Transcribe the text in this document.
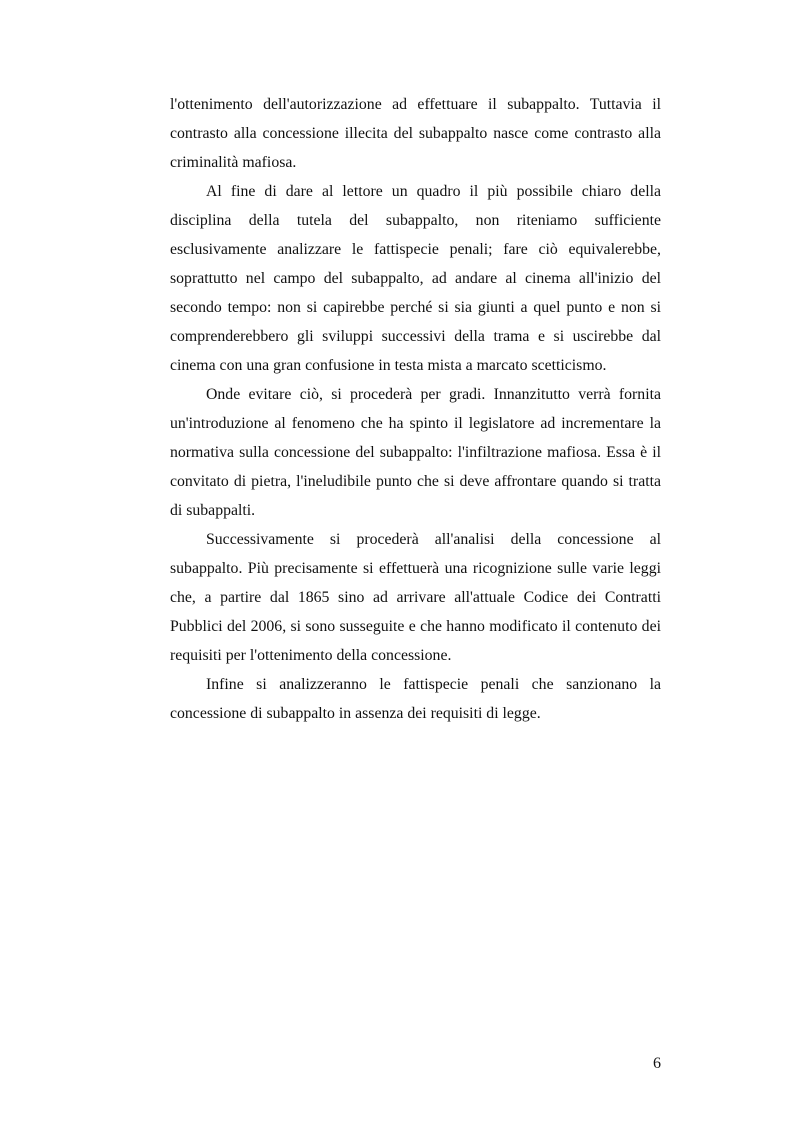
l'ottenimento dell'autorizzazione ad effettuare il subappalto. Tuttavia il contrasto alla concessione illecita del subappalto nasce come contrasto alla criminalità mafiosa.

Al fine di dare al lettore un quadro il più possibile chiaro della disciplina della tutela del subappalto, non riteniamo sufficiente esclusivamente analizzare le fattispecie penali; fare ciò equivalerebbe, soprattutto nel campo del subappalto, ad andare al cinema all'inizio del secondo tempo: non si capirebbe perché si sia giunti a quel punto e non si comprenderebbero gli sviluppi successivi della trama e si uscirebbe dal cinema con una gran confusione in testa mista a marcato scetticismo.

Onde evitare ciò, si procederà per gradi. Innanzitutto verrà fornita un'introduzione al fenomeno che ha spinto il legislatore ad incrementare la normativa sulla concessione del subappalto: l'infiltrazione mafiosa. Essa è il convitato di pietra, l'ineludibile punto che si deve affrontare quando si tratta di subappalti.

Successivamente si procederà all'analisi della concessione al subappalto. Più precisamente si effettuerà una ricognizione sulle varie leggi che, a partire dal 1865 sino ad arrivare all'attuale Codice dei Contratti Pubblici del 2006, si sono susseguite e che hanno modificato il contenuto dei requisiti per l'ottenimento della concessione.

Infine si analizzeranno le fattispecie penali che sanzionano la concessione di subappalto in assenza dei requisiti di legge.

6
